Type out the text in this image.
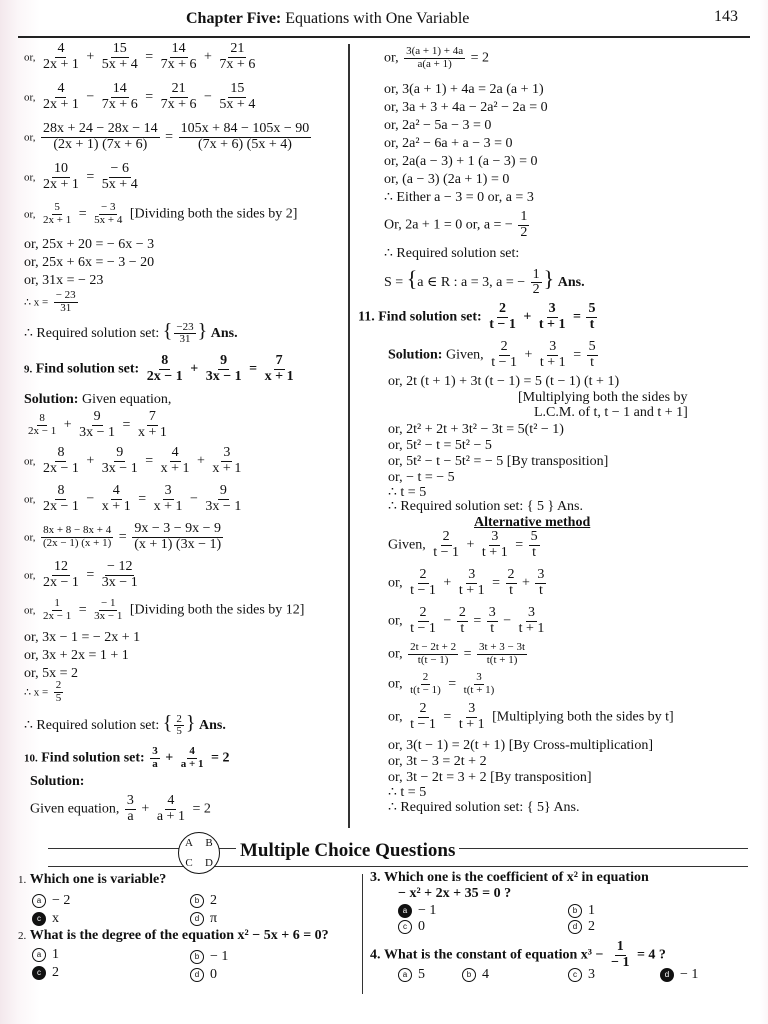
Chapter Five: Equations with One Variable	143
or, $\frac{4}{2x + 1} + \frac{15}{5x + 4} = \frac{14}{7x + 6} + \frac{21}{7x + 6}$
or, $\frac{4}{2x + 1} - \frac{14}{7x + 6} = \frac{21}{7x + 6} - \frac{15}{5x + 4}$
or, $\frac{28x + 24 - 28x - 14}{(2x + 1) (7x + 6)} = \frac{105x + 84 - 105x - 90}{(7x + 6) (5x + 4)}$
or, $\frac{10}{2x + 1} = \frac{- 6}{5x + 4}$
or, $\frac{5}{2x + 1} = \frac{- 3}{5x + 4}$ [Dividing both the sides by 2]
or, 25x + 20 = − 6x − 3
or, 25x + 6x = − 3 − 20
or, 31x = − 23
∴ $x = \frac{- 23}{31}$
∴ Required solution set: { $\frac{-23}{31}$ } Ans.
9. Find solution set: $\frac{8}{2x - 1} + \frac{9}{3x - 1} = \frac{7}{x + 1}$
Solution: Given equation,
$\frac{8}{2x - 1} + \frac{9}{3x - 1} = \frac{7}{x + 1}$
or, $\frac{8}{2x - 1} + \frac{9}{3x - 1} = \frac{4}{x + 1} + \frac{3}{x + 1}$
or, $\frac{8}{2x - 1} - \frac{4}{x + 1} = \frac{3}{x + 1} - \frac{9}{3x - 1}$
or, $\frac{8x + 8 - 8x + 4}{(2x - 1) (x + 1)} = \frac{9x - 3 - 9x - 9}{(x + 1) (3x - 1)}$
or, $\frac{12}{2x - 1} = \frac{- 12}{3x - 1}$
or, $\frac{1}{2x - 1} = \frac{- 1}{3x - 1}$ [Dividing both the sides by 12]
or, 3x − 1 = − 2x + 1
or, 3x + 2x = 1 + 1
or, 5x = 2
∴ $x = \frac{2}{5}$
∴ Required solution set: { $\frac{2}{5}$ } Ans.
10. Find solution set: $\frac{3}{a} + \frac{4}{a + 1} = 2$
Solution:
Given equation, $\frac{3}{a} + \frac{4}{a + 1} = 2$
or, $\frac{3(a + 1) + 4a}{a(a + 1)} = 2$
or, 3(a + 1) + 4a = 2a (a + 1)
or, 3a + 3 + 4a − 2a² − 2a = 0
or, 2a² − 5a − 3 = 0
or, 2a² − 6a + a − 3 = 0
or, 2a(a − 3) + 1 (a − 3) = 0
or, (a − 3) (2a + 1) = 0
∴ Either a − 3 = 0 or, a = 3
Or, 2a + 1 = 0 or, a = − $\frac{1}{2}$
∴ Required solution set:
S = {a ∈ R : a = 3, a = − $\frac{1}{2}$ } Ans.
11. Find solution set: $\frac{2}{t - 1} + \frac{3}{t + 1} = \frac{5}{t}$
Solution: Given, $\frac{2}{t - 1} + \frac{3}{t + 1} = \frac{5}{t}$
or, 2t (t + 1) + 3t (t − 1) = 5 (t − 1) (t + 1)
[Multiplying both the sides by
L.C.M. of t, t − 1 and t + 1]
or, 2t² + 2t + 3t² − 3t = 5(t² − 1)
or, 5t² − t = 5t² − 5
or, 5t² − t − 5t² = − 5 [By transposition]
or, − t = − 5
∴ t = 5
∴ Required solution set: { 5 } Ans.
Alternative method
Given, $\frac{2}{t - 1} + \frac{3}{t + 1} = \frac{5}{t}$
or, $\frac{2}{t - 1} + \frac{3}{t + 1} = \frac{2}{t} + \frac{3}{t}$
or, $\frac{2}{t - 1} - \frac{2}{t} = \frac{3}{t} - \frac{3}{t + 1}$
or, $\frac{2t - 2t + 2}{t(t - 1)} = \frac{3t + 3 - 3t}{t(t + 1)}$
or, $\frac{2}{t(t - 1)} = \frac{3}{t(t + 1)}$
or, $\frac{2}{t - 1} = \frac{3}{t + 1}$ [Multiplying both the sides by t]
or, 3(t − 1) = 2(t + 1) [By Cross-multiplication]
or, 3t − 3 = 2t + 2
or, 3t − 2t = 3 + 2 [By transposition]
∴ t = 5
∴ Required solution set: { 5} Ans.
A	B
C	D
Multiple Choice Questions
1. Which one is variable?
a − 2	b 2
c x	d π
2. What is the degree of the equation x² − 5x + 6 = 0?
a 1	b − 1
c 2	d 0
3. Which one is the coefficient of x² in equation
− x² + 2x + 35 = 0 ?
a − 1	b 1
c 0	d 2
4. What is the constant of equation $x^3 - \frac{1}{- 1} = 4$ ?
a 5	b 4	c 3	d − 1
